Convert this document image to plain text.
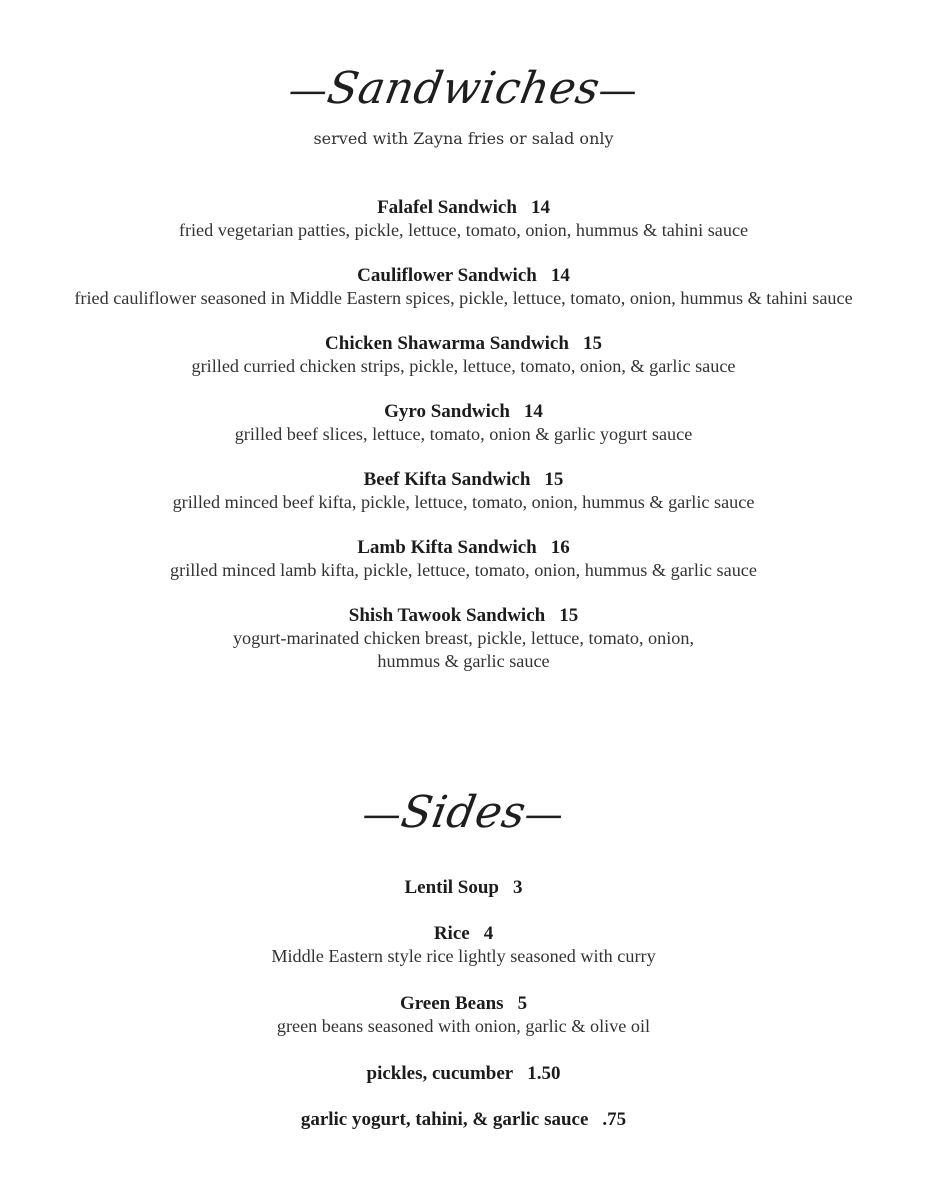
—Sandwiches—
served with Zayna fries or salad only
Falafel Sandwich 14
fried vegetarian patties, pickle, lettuce, tomato, onion, hummus & tahini sauce
Cauliflower Sandwich 14
fried cauliflower seasoned in Middle Eastern spices, pickle, lettuce, tomato, onion, hummus & tahini sauce
Chicken Shawarma Sandwich 15
grilled curried chicken strips, pickle, lettuce, tomato, onion, & garlic sauce
Gyro Sandwich 14
grilled beef slices, lettuce, tomato, onion & garlic yogurt sauce
Beef Kifta Sandwich 15
grilled minced beef kifta, pickle, lettuce, tomato, onion, hummus & garlic sauce
Lamb Kifta Sandwich 16
grilled minced lamb kifta, pickle, lettuce, tomato, onion, hummus & garlic sauce
Shish Tawook Sandwich 15
yogurt-marinated chicken breast, pickle, lettuce, tomato, onion,
hummus & garlic sauce
—Sides—
Lentil Soup 3
Rice 4
Middle Eastern style rice lightly seasoned with curry
Green Beans 5
green beans seasoned with onion, garlic & olive oil
pickles, cucumber 1.50
garlic yogurt, tahini, & garlic sauce .75
